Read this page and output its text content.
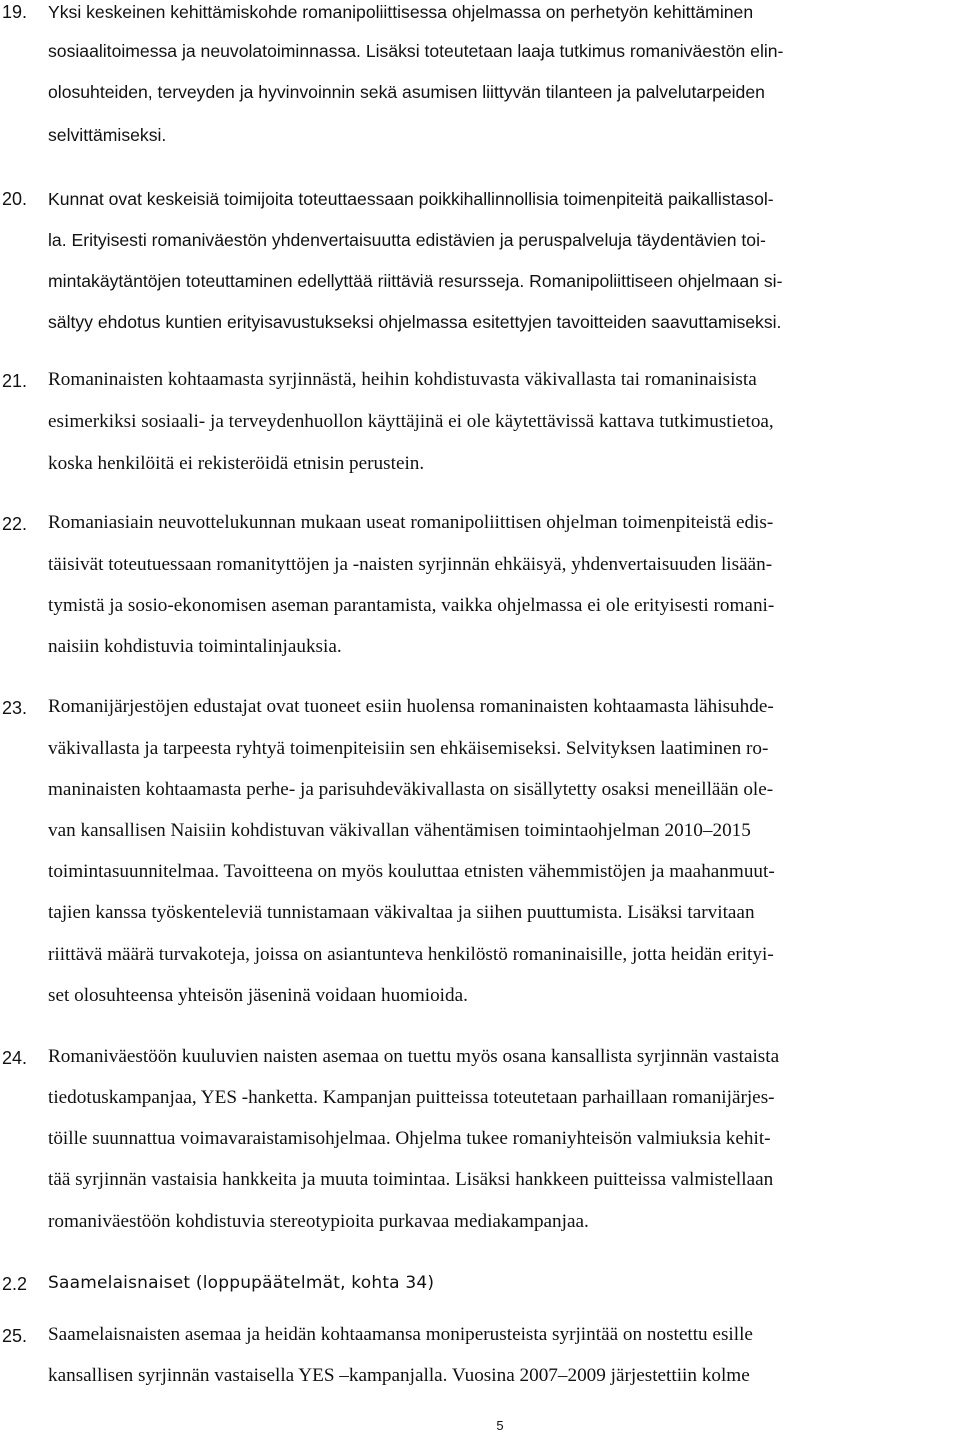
19. Yksi keskeinen kehittämiskohde romanipoliittisessa ohjelmassa on perhetyön kehittäminen
sosiaalitoimessa ja neuvolatoiminnassa. Lisäksi toteutetaan laaja tutkimus romaniväestön elin-
olosuhteiden, terveyden ja hyvinvoinnin sekä asumisen liittyvän tilanteen ja palvelutarpeiden
selvittämiseksi.
20. Kunnat ovat keskeisiä toimijoita toteuttaessaan poikkihallinnollisia toimenpiteitä paikallistasol-
la. Erityisesti romaniväestön yhdenvertaisuutta edistävien ja peruspalveluja täydentävien toi-
mintakäytäntöjen toteuttaminen edellyttää riittäviä resursseja. Romanipoliittiseen ohjelmaan si-
sältyy ehdotus kuntien erityisavustukseksi ohjelmassa esitettyjen tavoitteiden saavuttamiseksi.
21. Romaninaisten kohtaamasta syrjinnästä, heihin kohdistuvasta väkivallasta tai romaninaisista
esimerkiksi sosiaali- ja terveydenhuollon käyttäjinä ei ole käytettävissä kattava tutkimustietoa,
koska henkilöitä ei rekisteröidä etnisin perustein.
22. Romaniasiain neuvottelukunnan mukaan useat romanipoliittisen ohjelman toimenpiteistä edis-
täisivät toteutuessaan romanityttöjen ja -naisten syrjinnän ehkäisyä, yhdenvertaisuuden lisään-
tymistä ja sosio-ekonomisen aseman parantamista, vaikka ohjelmassa ei ole erityisesti romani-
naisiin kohdistuvia toimintalinjauksia.
23. Romanijärjestöjen edustajat ovat tuoneet esiin huolensa romaninaisten kohtaamasta lähisuhde-
väkivallasta ja tarpeesta ryhtyä toimenpiteisiin sen ehkäisemiseksi. Selvityksen laatiminen ro-
maninaisten kohtaamasta perhe- ja parisuhdeväkivallasta on sisällytetty osaksi meneillään ole-
van kansallisen Naisiin kohdistuvan väkivallan vähentämisen toimintaohjelman 2010–2015
toimintasuunnitelmaa. Tavoitteena on myös kouluttaa etnisten vähemmistöjen ja maahanmuut-
tajien kanssa työskenteleviä tunnistamaan väkivaltaa ja siihen puuttumista. Lisäksi tarvitaan
riittävä määrä turvakoteja, joissa on asiantunteva henkilöstö romaninaisille, jotta heidän erityi-
set olosuhteensa yhteisön jäseninä voidaan huomioida.
24. Romaniväestöön kuuluvien naisten asemaa on tuettu myös osana kansallista syrjinnän vastaista
tiedotuskampanjaa, YES -hanketta. Kampanjan puitteissa toteutetaan parhaillaan romanijärjes-
töille suunnattua voimavaraistamisohjelmaa. Ohjelma tukee romaniyhteisön valmiuksia kehit-
tää syrjinnän vastaisia hankkeita ja muuta toimintaa. Lisäksi hankkeen puitteissa valmistellaan
romaniväestöön kohdistuvia stereotypioita purkavaa mediakampanjaa.
2.2 Saamelaisnaiset (loppupäätelmät, kohta 34)
25. Saamelaisnaisten asemaa ja heidän kohtaamansa moniperusteista syrjintää on nostettu esille
kansallisen syrjinnän vastaisella YES –kampanjalla. Vuosina 2007–2009 järjestettiin kolme
5
